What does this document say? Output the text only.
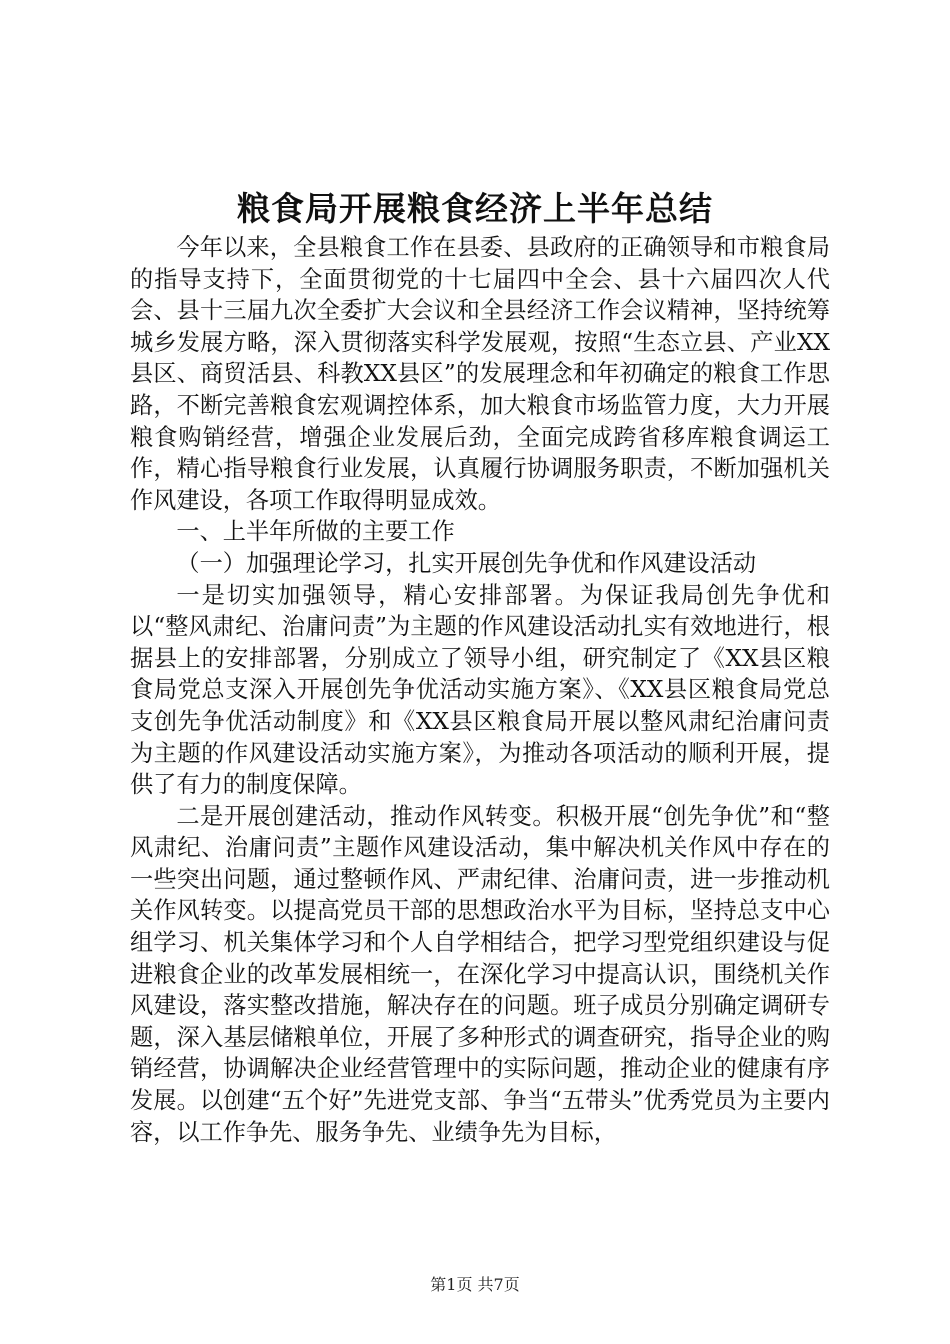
粮食局开展粮食经济上半年总结

今年以来，全县粮食工作在县委、县政府的正确领导和市粮食局的指导支持下，全面贯彻党的十七届四中全会、县十六届四次人代会、县十三届九次全委扩大会议和全县经济工作会议精神，坚持统筹城乡发展方略，深入贯彻落实科学发展观，按照“生态立县、产业XX县区、商贸活县、科教XX县区”的发展理念和年初确定的粮食工作思路，不断完善粮食宏观调控体系，加大粮食市场监管力度，大力开展粮食购销经营，增强企业发展后劲，全面完成跨省移库粮食调运工作，精心指导粮食行业发展，认真履行协调服务职责，不断加强机关作风建设，各项工作取得明显成效。

一、上半年所做的主要工作

（一）加强理论学习，扎实开展创先争优和作风建设活动

一是切实加强领导，精心安排部署。为保证我局创先争优和以“整风肃纪、治庸问责”为主题的作风建设活动扎实有效地进行，根据县上的安排部署，分别成立了领导小组，研究制定了《XX县区粮食局党总支深入开展创先争优活动实施方案》、《XX县区粮食局党总支创先争优活动制度》和《XX县区粮食局开展以整风肃纪治庸问责为主题的作风建设活动实施方案》，为推动各项活动的顺利开展，提供了有力的制度保障。

二是开展创建活动，推动作风转变。积极开展“创先争优”和“整风肃纪、治庸问责”主题作风建设活动，集中解决机关作风中存在的一些突出问题，通过整顿作风、严肃纪律、治庸问责，进一步推动机关作风转变。以提高党员干部的思想政治水平为目标，坚持总支中心组学习、机关集体学习和个人自学相结合，把学习型党组织建设与促进粮食企业的改革发展相统一，在深化学习中提高认识，围绕机关作风建设，落实整改措施，解决存在的问题。班子成员分别确定调研专题，深入基层储粮单位，开展了多种形式的调查研究，指导企业的购销经营，协调解决企业经营管理中的实际问题，推动企业的健康有序发展。以创建“五个好”先进党支部、争当“五带头”优秀党员为主要内容，以工作争先、服务争先、业绩争先为目标，

第1页 共7页
